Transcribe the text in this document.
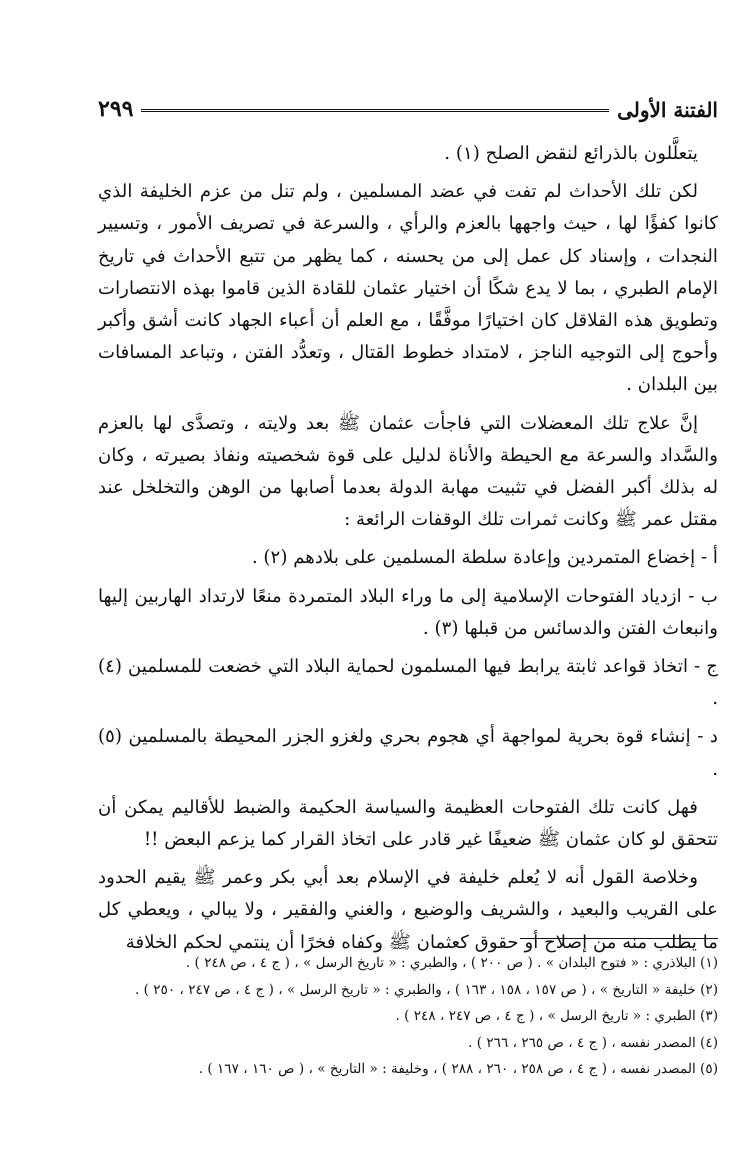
الفتنة الأولى
٢٩٩

يتعلَّلون بالذرائع لنقض الصلح (١) .

لكن تلك الأحداث لم تفت في عضد المسلمين ، ولم تنل من عزم الخليفة الذي كانوا كفؤًا لها ، حيث واجهها بالعزم والرأي ، والسرعة في تصريف الأمور ، وتسيير النجدات ، وإسناد كل عمل إلى من يحسنه ، كما يظهر من تتبع الأحداث في تاريخ الإمام الطبري ، بما لا يدع شكًا أن اختيار عثمان للقادة الذين قاموا بهذه الانتصارات وتطويق هذه القلاقل كان اختيارًا موفَّقًا ، مع العلم أن أعباء الجهاد كانت أشق وأكبر وأحوج إلى التوجيه الناجز ، لامتداد خطوط القتال ، وتعدُّد الفتن ، وتباعد المسافات بين البلدان .

إنَّ علاج تلك المعضلات التي فاجأت عثمان ﷺ بعد ولايته ، وتصدَّى لها بالعزم والسَّداد والسرعة مع الحيطة والأناة لدليل على قوة شخصيته ونفاذ بصيرته ، وكان له بذلك أكبر الفضل في تثبيت مهابة الدولة بعدما أصابها من الوهن والتخلخل عند مقتل عمر ﷺ وكانت ثمرات تلك الوقفات الرائعة :

أ - إخضاع المتمردين وإعادة سلطة المسلمين على بلادهم (٢) .

ب - ازدياد الفتوحات الإسلامية إلى ما وراء البلاد المتمردة منعًا لارتداد الهاربين إليها وانبعاث الفتن والدسائس من قبلها (٣) .

ج - اتخاذ قواعد ثابتة يرابط فيها المسلمون لحماية البلاد التي خضعت للمسلمين (٤) .

د - إنشاء قوة بحرية لمواجهة أي هجوم بحري ولغزو الجزر المحيطة بالمسلمين (٥) .

فهل كانت تلك الفتوحات العظيمة والسياسة الحكيمة والضبط للأقاليم يمكن أن تتحقق لو كان عثمان ﷺ ضعيفًا غير قادر على اتخاذ القرار كما يزعم البعض !!

وخلاصة القول أنه لا يُعلم خليفة في الإسلام بعد أبي بكر وعمر ﷺ يقيم الحدود على القريب والبعيد ، والشريف والوضيع ، والغني والفقير ، ولا يبالي ، ويعطي كل ما يطلب منه من إصلاح أو حقوق كعثمان ﷺ وكفاه فخرًا أن ينتمي لحكم الخلافة

(١) البلاذري : « فتوح البلدان » . ( ص ٢٠٠ ) ، والطبري : « تاريخ الرسل » ، ( ج ٤ ، ص ٢٤٨ ) .
(٢) خليفة « التاريخ » ، ( ص ١٥٧ ، ١٥٨ ، ١٦٣ ) ، والطبري : « تاريخ الرسل » ، ( ج ٤ ، ص ٢٤٧ ، ٢٥٠ ) .
(٣) الطبري : « تاريخ الرسل » ، ( ج ٤ ، ص ٢٤٧ ، ٢٤٨ ) .
(٤) المصدر نفسه ، ( ج ٤ ، ص ٢٦٥ ، ٢٦٦ ) .
(٥) المصدر نفسه ، ( ج ٤ ، ص ٢٥٨ ، ٢٦٠ ، ٢٨٨ ) ، وخليفة : « التاريخ » ، ( ص ١٦٠ ، ١٦٧ ) .
